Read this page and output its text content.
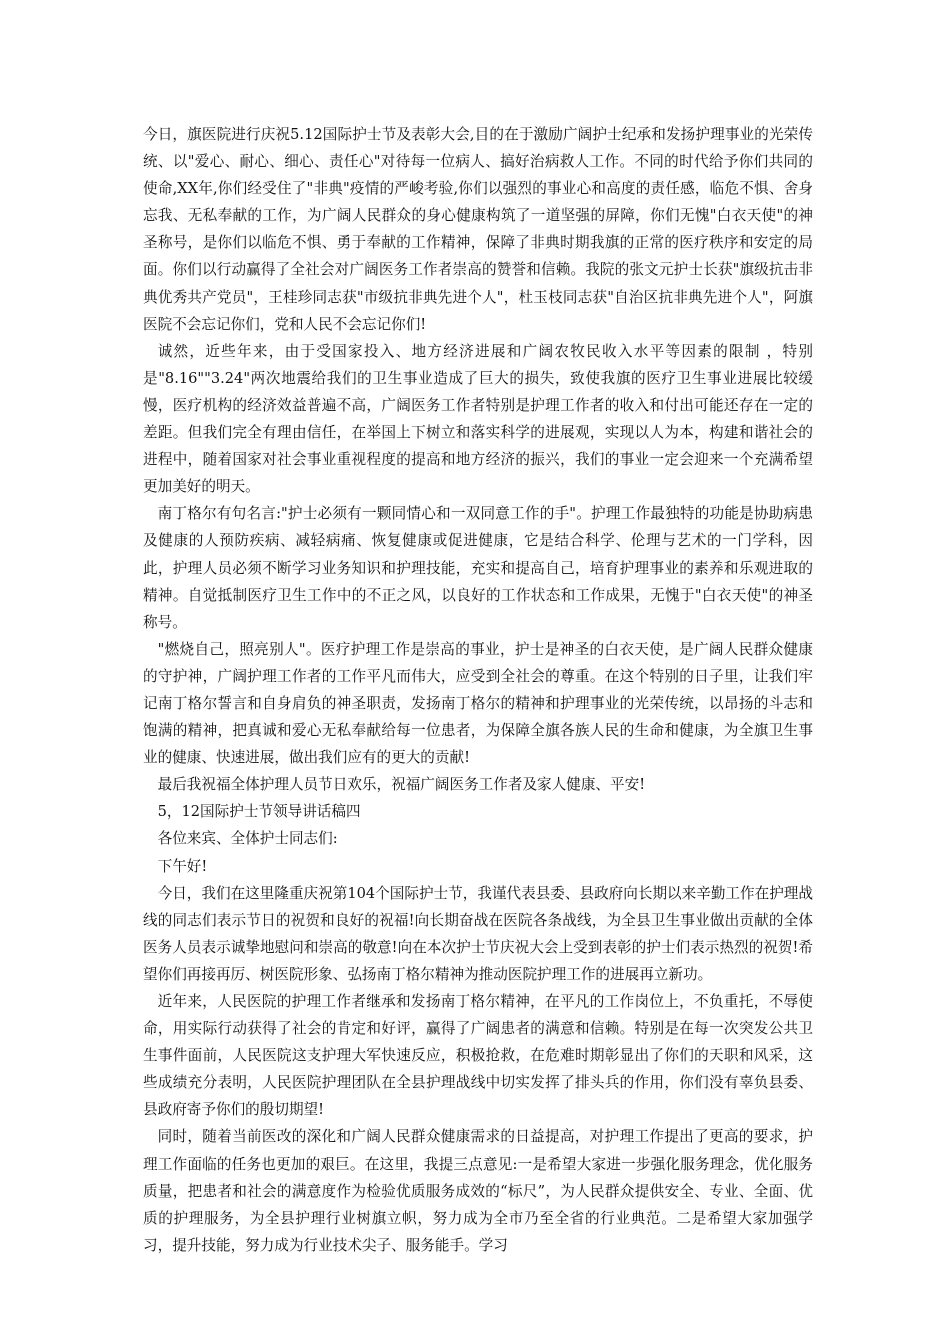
今日，旗医院进行庆祝5.12国际护士节及表彰大会,目的在于激励广阔护士纪承和发扬护理事业的光荣传统、以"爱心、耐心、细心、责任心"对待每一位病人、搞好治病救人工作。不同的时代给予你们共同的使命,XX年,你们经受住了"非典"疫情的严峻考验,你们以强烈的事业心和高度的责任感，临危不惧、舍身忘我、无私奉献的工作，为广阔人民群众的身心健康构筑了一道坚强的屏障，你们无愧"白衣天使"的神圣称号，是你们以临危不惧、勇于奉献的工作精神，保障了非典时期我旗的正常的医疗秩序和安定的局面。你们以行动赢得了全社会对广阔医务工作者崇高的赞誉和信赖。我院的张文元护士长获"旗级抗击非典优秀共产党员"，王桂珍同志获"市级抗非典先进个人"，杜玉枝同志获"自治区抗非典先进个人"，阿旗医院不会忘记你们，党和人民不会忘记你们!

诚然，近些年来，由于受国家投入、地方经济进展和广阔农牧民收入水平等因素的限制 ，特别是"8.16""3.24"两次地震给我们的卫生事业造成了巨大的损失，致使我旗的医疗卫生事业进展比较缓慢，医疗机构的经济效益普遍不高，广阔医务工作者特别是护理工作者的收入和付出可能还存在一定的差距。但我们完全有理由信任，在举国上下树立和落实科学的进展观，实现以人为本，构建和谐社会的进程中，随着国家对社会事业重视程度的提高和地方经济的振兴，我们的事业一定会迎来一个充满希望更加美好的明天。

南丁格尔有句名言:"护士必须有一颗同情心和一双同意工作的手"。护理工作最独特的功能是协助病患及健康的人预防疾病、减轻病痛、恢复健康或促进健康，它是结合科学、伦理与艺术的一门学科，因此，护理人员必须不断学习业务知识和护理技能，充实和提高自己，培育护理事业的素养和乐观进取的精神。自觉抵制医疗卫生工作中的不正之风，以良好的工作状态和工作成果，无愧于"白衣天使"的神圣称号。

"燃烧自己，照亮别人"。医疗护理工作是崇高的事业，护士是神圣的白衣天使，是广阔人民群众健康的守护神，广阔护理工作者的工作平凡而伟大，应受到全社会的尊重。在这个特别的日子里，让我们牢记南丁格尔誓言和自身肩负的神圣职责，发扬南丁格尔的精神和护理事业的光荣传统，以昂扬的斗志和饱满的精神，把真诚和爱心无私奉献给每一位患者，为保障全旗各族人民的生命和健康，为全旗卫生事业的健康、快速进展，做出我们应有的更大的贡献!

最后我祝福全体护理人员节日欢乐，祝福广阔医务工作者及家人健康、平安!

5，12国际护士节领导讲话稿四

各位来宾、全体护士同志们:

下午好!

今日，我们在这里隆重庆祝第104个国际护士节，我谨代表县委、县政府向长期以来辛勤工作在护理战线的同志们表示节日的祝贺和良好的祝福!向长期奋战在医院各条战线，为全县卫生事业做出贡献的全体医务人员表示诚挚地慰问和崇高的敬意!向在本次护士节庆祝大会上受到表彰的护士们表示热烈的祝贺!希望你们再接再厉、树医院形象、弘扬南丁格尔精神为推动医院护理工作的进展再立新功。

近年来，人民医院的护理工作者继承和发扬南丁格尔精神，在平凡的工作岗位上，不负重托，不辱使命，用实际行动获得了社会的肯定和好评，赢得了广阔患者的满意和信赖。特别是在每一次突发公共卫生事件面前，人民医院这支护理大军快速反应，积极抢救，在危难时期彰显出了你们的天职和风采，这些成绩充分表明，人民医院护理团队在全县护理战线中切实发挥了排头兵的作用，你们没有辜负县委、县政府寄予你们的殷切期望!

同时，随着当前医改的深化和广阔人民群众健康需求的日益提高，对护理工作提出了更高的要求，护理工作面临的任务也更加的艰巨。在这里，我提三点意见:一是希望大家进一步强化服务理念，优化服务质量，把患者和社会的满意度作为检验优质服务成效的“标尺”，为人民群众提供安全、专业、全面、优质的护理服务，为全县护理行业树旗立帜，努力成为全市乃至全省的行业典范。二是希望大家加强学习，提升技能，努力成为行业技术尖子、服务能手。学习
